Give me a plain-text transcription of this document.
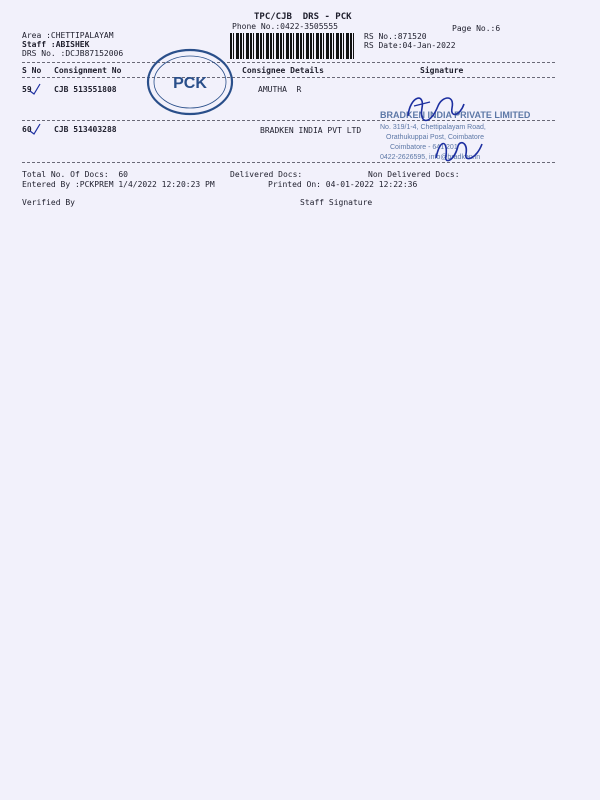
TPC/CJB  DRS - PCK
Phone No.:0422-3505555	Page No.:6
Area :CHETTIPALAYAM
Staff :ABISHEK
DRS No. :DCJB87152006
RS No.:871520
RS Date:04-Jan-2022
S No Consignment No	Consignee Details	Signature
59	CJB 513551808	AMUTHA  R
60	CJB 513403288	BRADKEN INDIA PVT LTD
PCK
BRADKEN INDIA PRIVATE LIMITED
No. 319/1-4, Chettipalayam Road,
Orathukuppai Post, Coimbatore
Coimbatore - 641 201
0422-2626595, info@bradken.in
Total No. Of Docs:  60	Delivered Docs:	Non Delivered Docs:
Entered By :PCKPREM 1/4/2022 12:20:23 PM	Printed On: 04-01-2022 12:22:36
Verified By	Staff Signature
